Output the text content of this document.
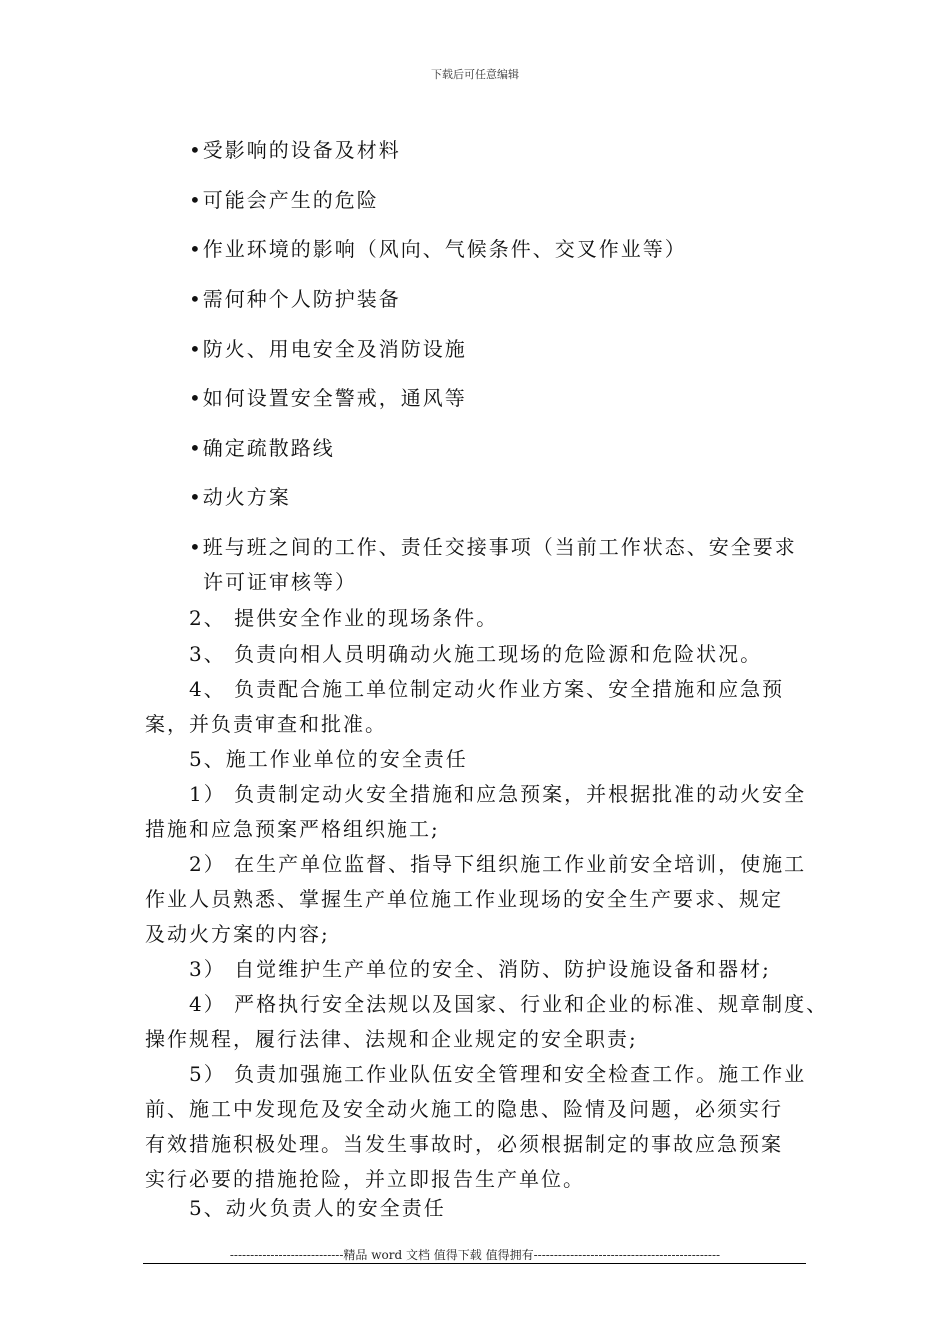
下载后可任意编辑
•受影响的设备及材料
•可能会产生的危险
•作业环境的影响（风向、气候条件、交叉作业等）
•需何种个人防护装备
•防火、用电安全及消防设施
•如何设置安全警戒，通风等
•确定疏散路线
•动火方案
•班与班之间的工作、责任交接事项（当前工作状态、安全要求
许可证审核等）
2、 提供安全作业的现场条件。
3、 负责向相人员明确动火施工现场的危险源和危险状况。
4、 负责配合施工单位制定动火作业方案、安全措施和应急预
案，并负责审查和批准。
5、施工作业单位的安全责任
1） 负责制定动火安全措施和应急预案，并根据批准的动火安全
措施和应急预案严格组织施工;
2） 在生产单位监督、指导下组织施工作业前安全培训，使施工
作业人员熟悉、掌握生产单位施工作业现场的安全生产要求、规定
及动火方案的内容;
3） 自觉维护生产单位的安全、消防、防护设施设备和器材;
4） 严格执行安全法规以及国家、行业和企业的标准、规章制度、
操作规程，履行法律、法规和企业规定的安全职责;
5） 负责加强施工作业队伍安全管理和安全检查工作。施工作业
前、施工中发现危及安全动火施工的隐患、险情及问题，必须实行
有效措施积极处理。当发生事故时，必须根据制定的事故应急预案
实行必要的措施抢险，并立即报告生产单位。
5、动火负责人的安全责任
----------------------------精品 word 文档 值得下载 值得拥有----------------------------------------------
